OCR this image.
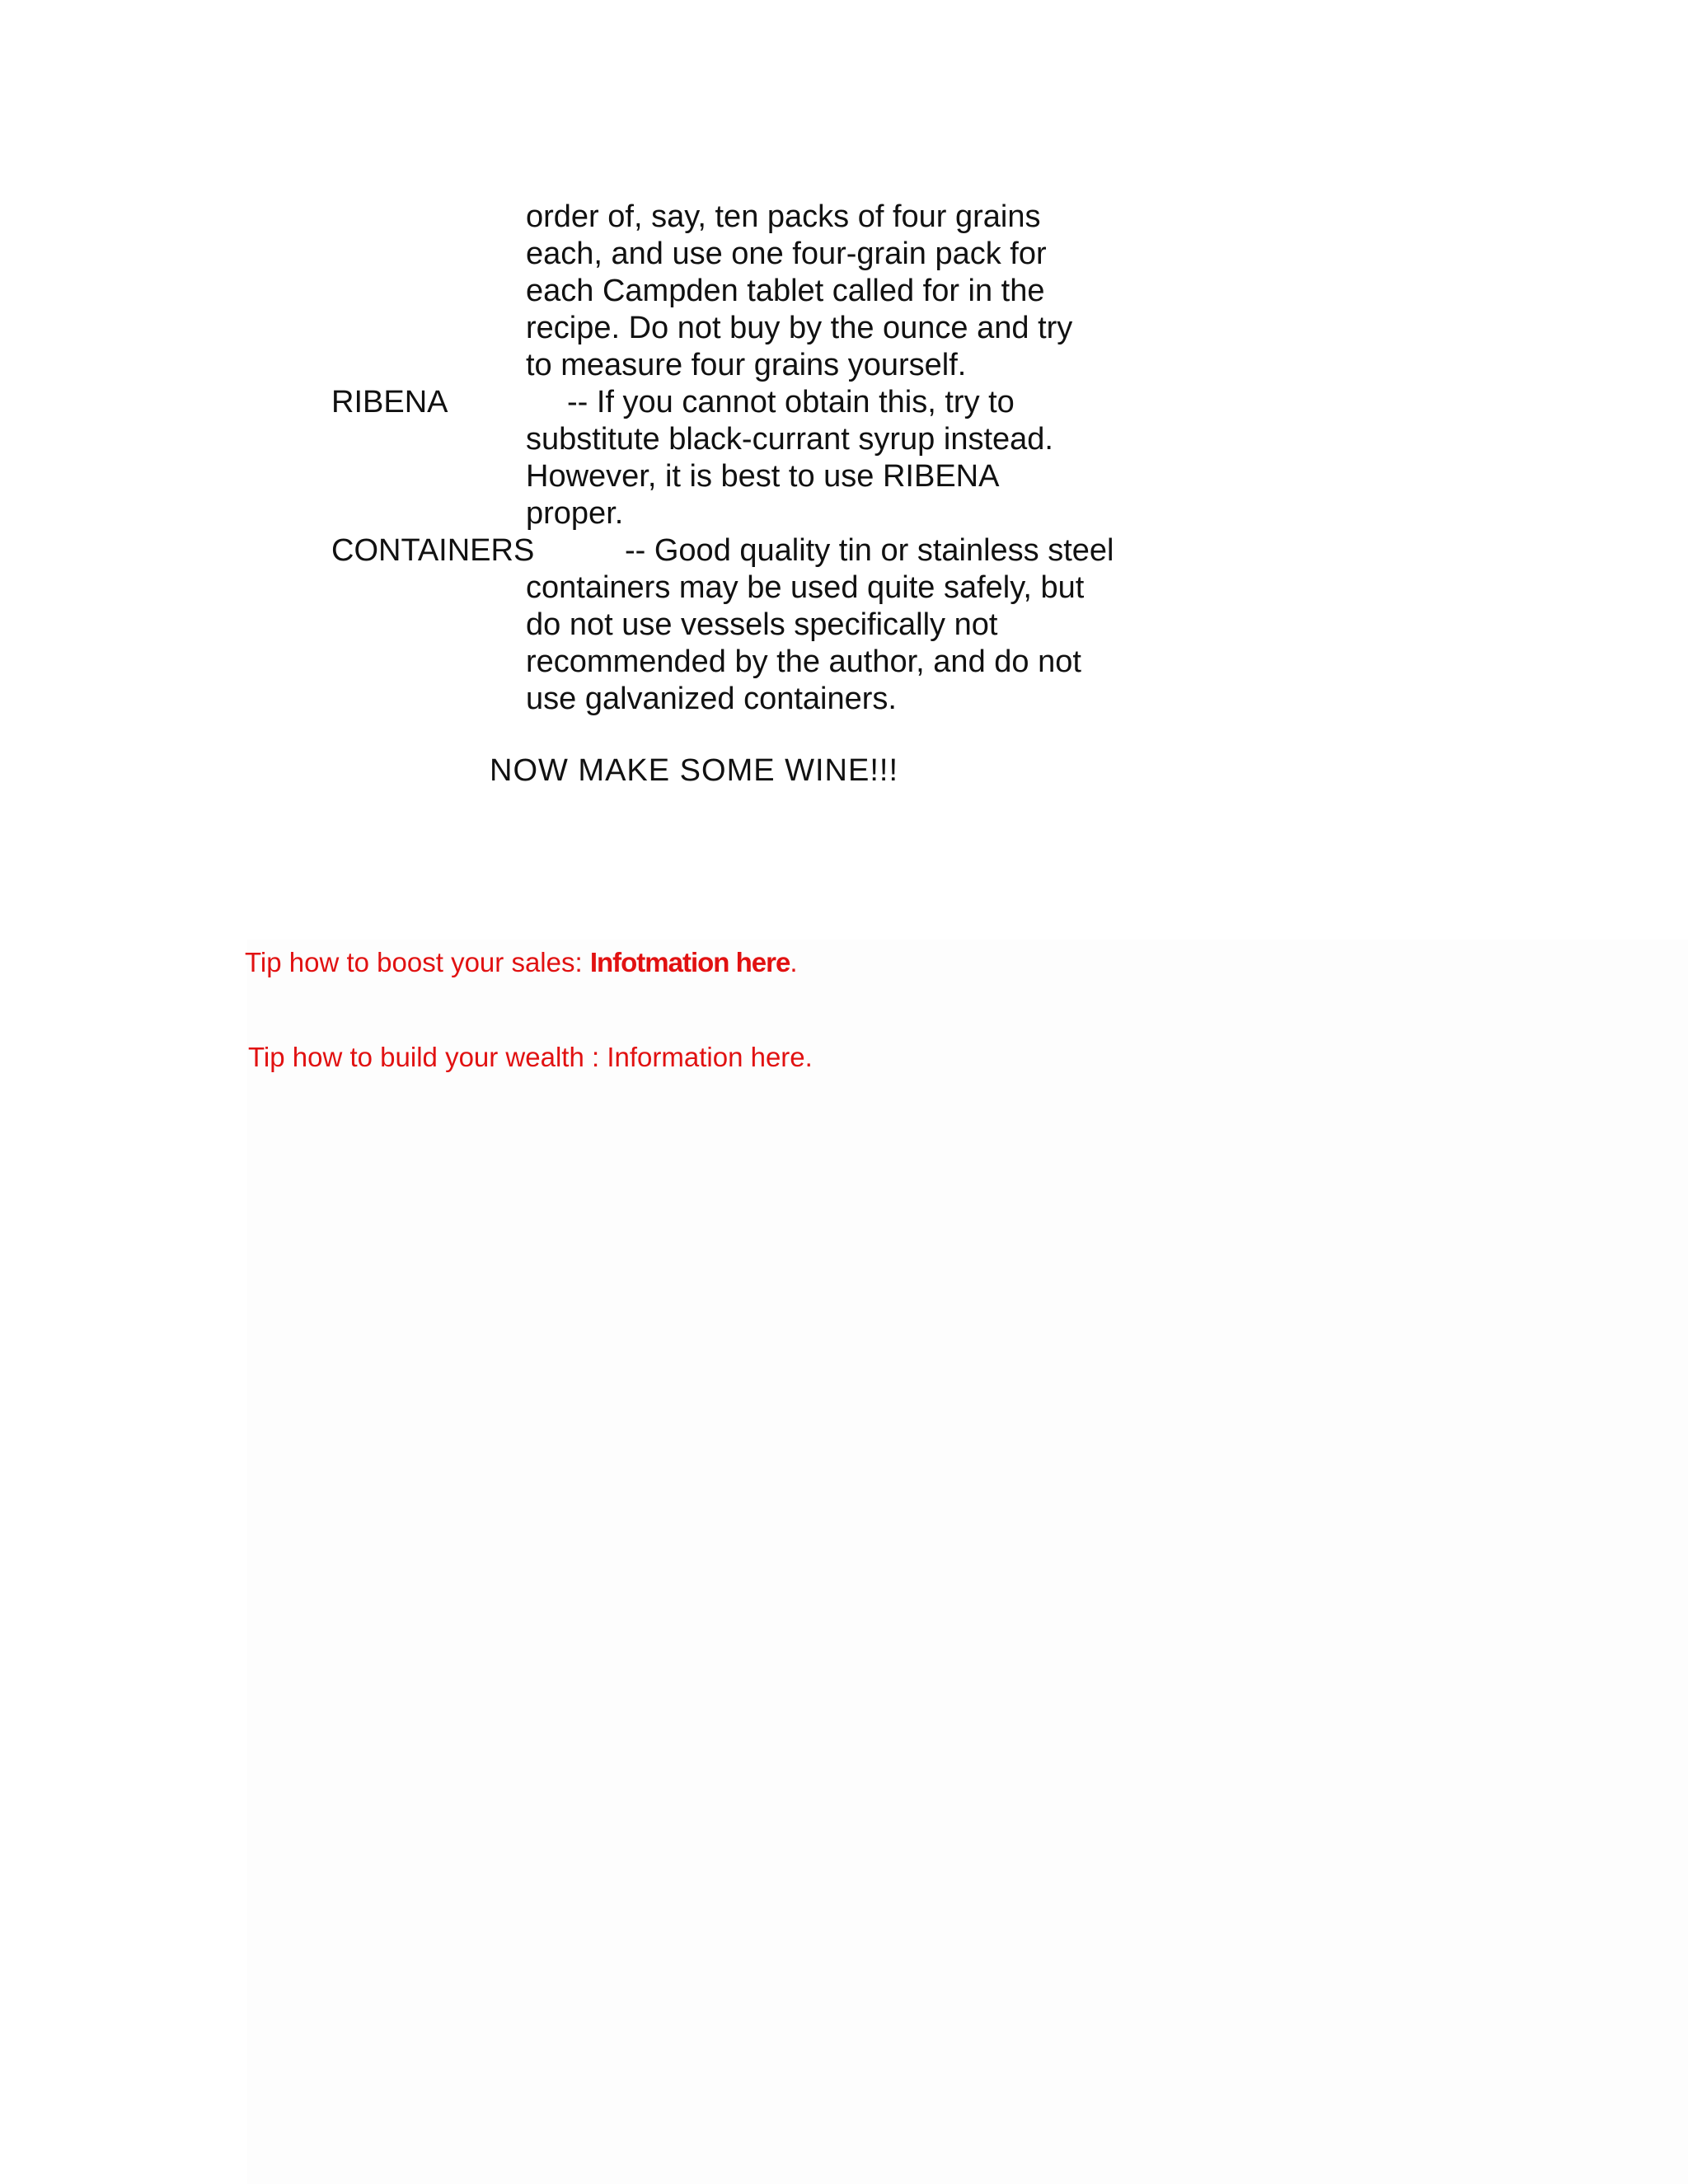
order of, say, ten packs of four grains
each, and use one four-grain pack for
each Campden tablet called for in the
recipe. Do not buy by the ounce and try
to measure four grains yourself.
RIBENA	-- If you cannot obtain this, try to
substitute black-currant syrup instead.
However, it is best to use RIBENA
proper.
CONTAINERS	-- Good quality tin or stainless steel
containers may be used quite safely, but
do not use vessels specifically not
recommended by the author, and do not
use galvanized containers.
NOW MAKE SOME WINE!!!
Tip how to boost your sales: Infotmation here.
Tip how to build your wealth : Information here.
